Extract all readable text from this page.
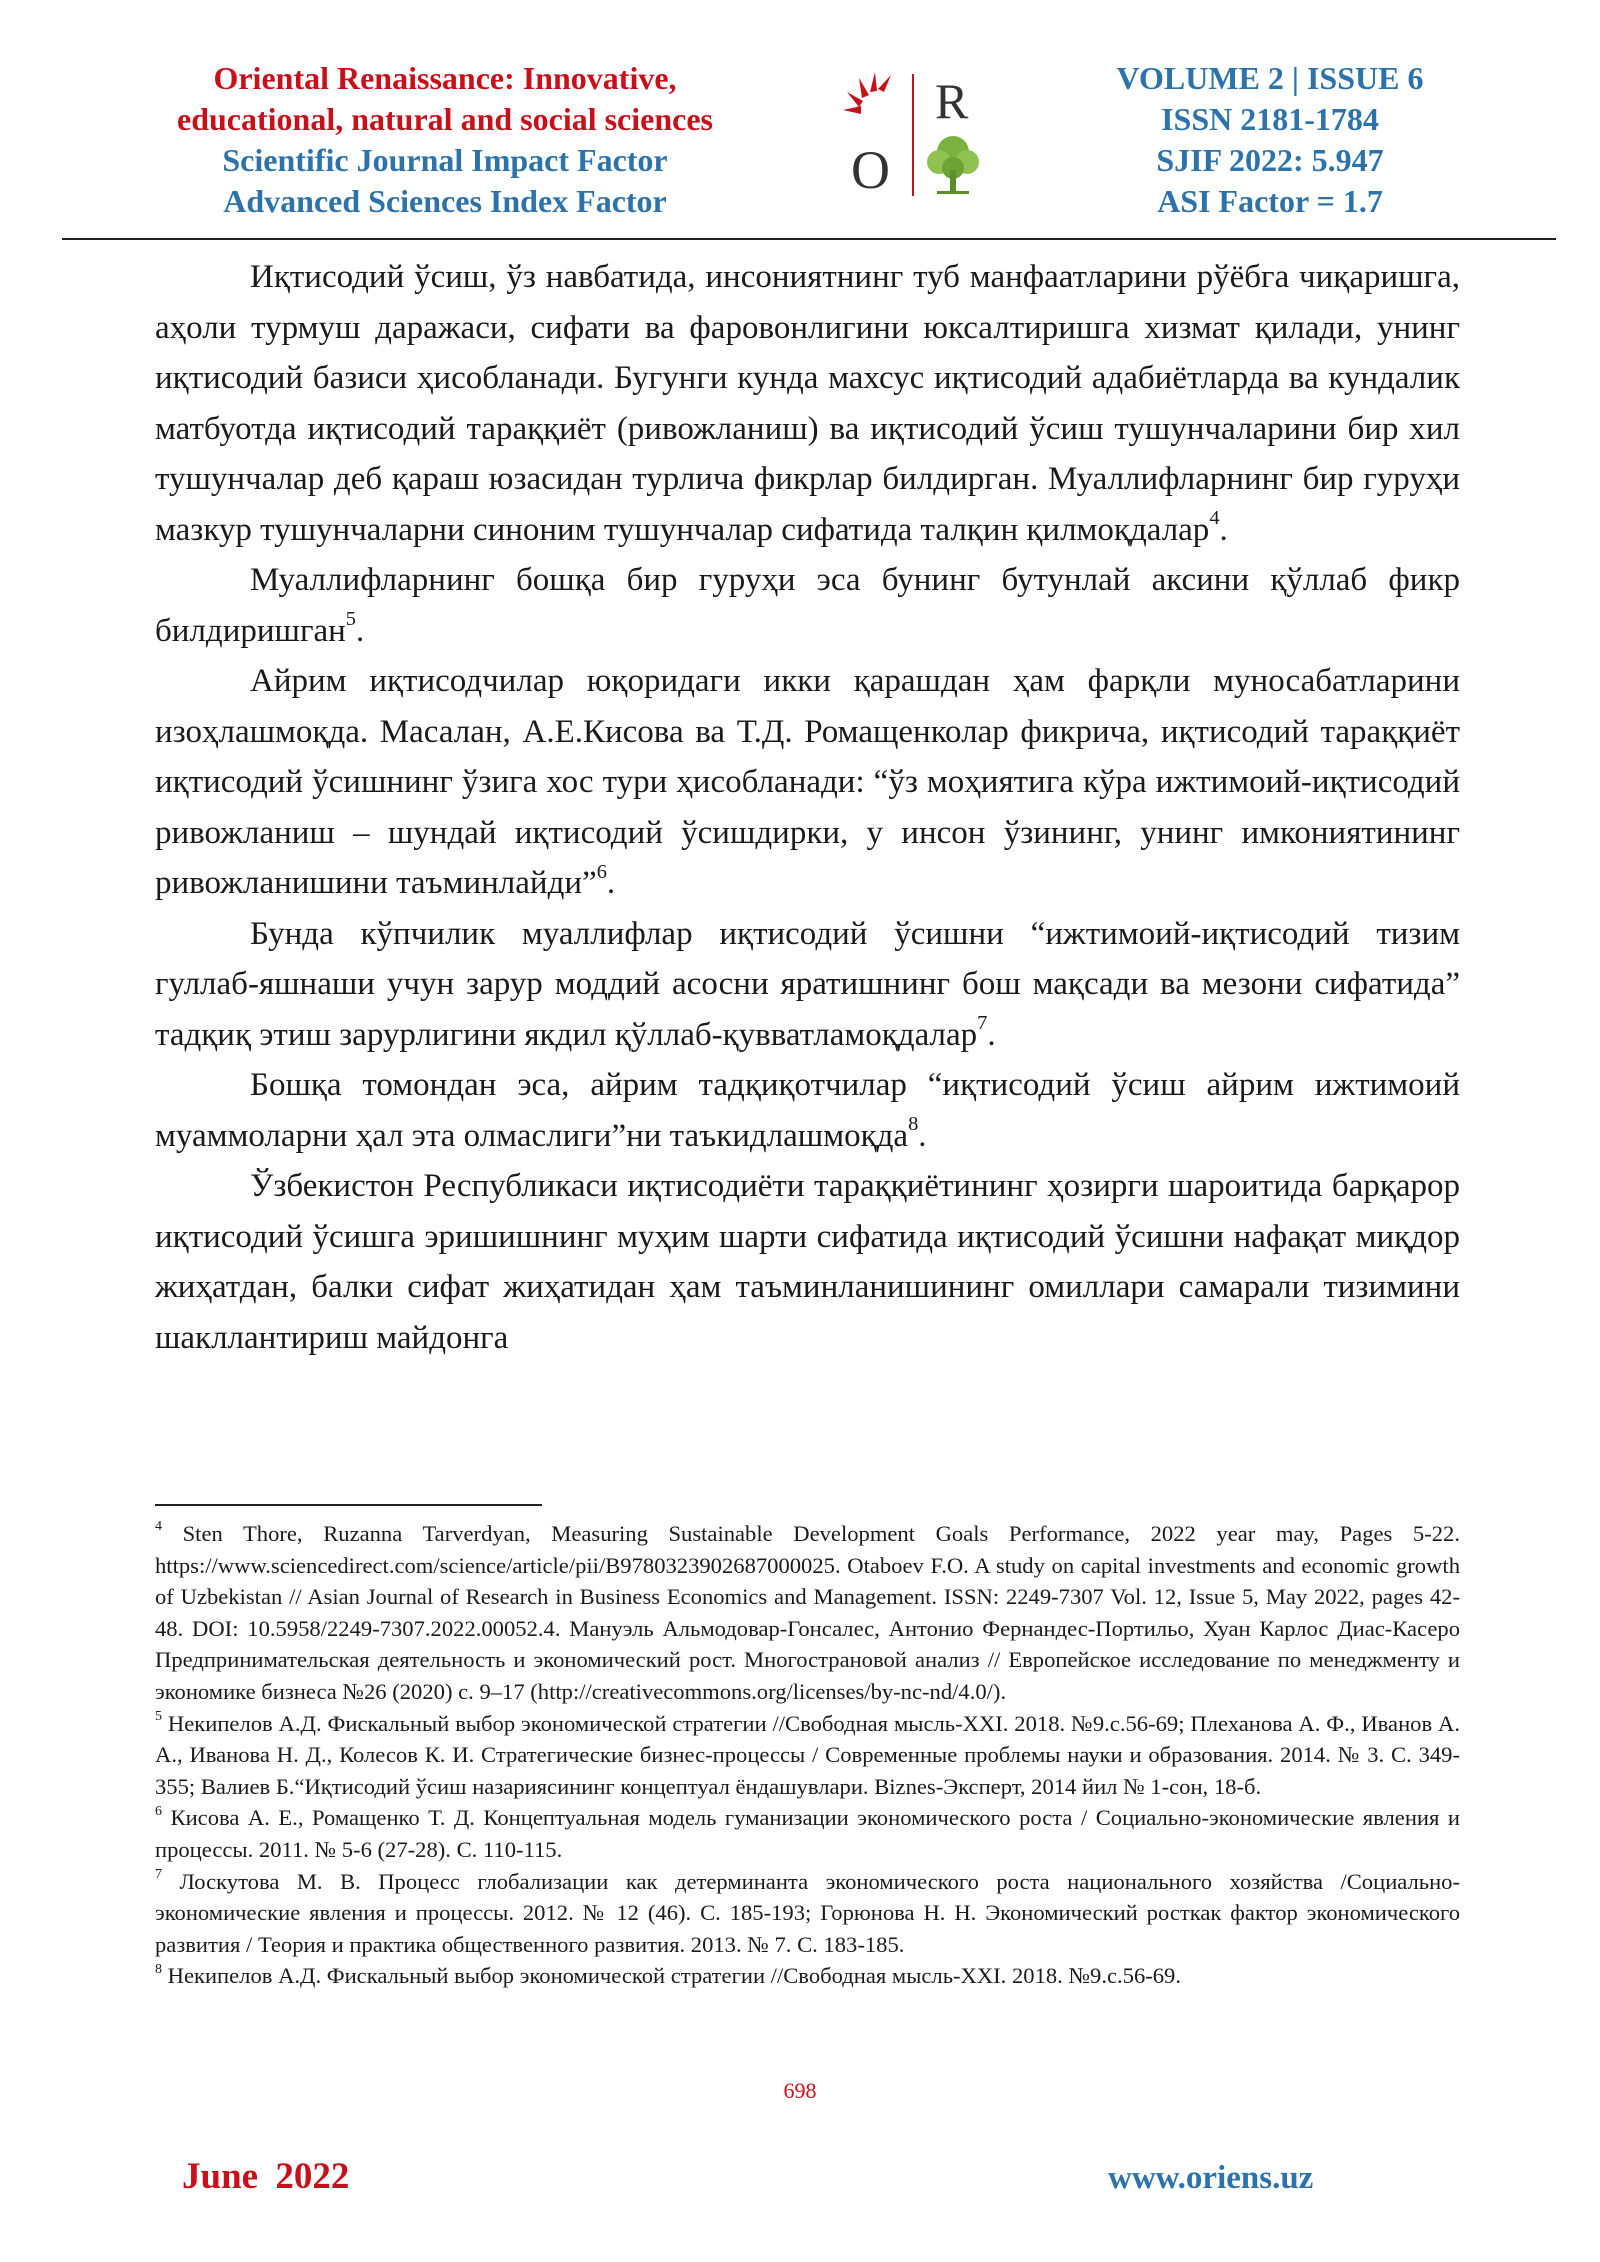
Oriental Renaissance: Innovative,
educational, natural and social sciences
Scientific Journal Impact Factor
Advanced Sciences Index Factor
R
O
VOLUME 2 | ISSUE 6
ISSN 2181-1784
SJIF 2022: 5.947
ASI Factor = 1.7

Иқтисодий ўсиш, ўз навбатида, инсониятнинг туб манфаатларини рўёбга чиқаришга, аҳоли турмуш даражаси, сифати ва фаровонлигини юксалтиришга хизмат қилади, унинг иқтисодий базиси ҳисобланади. Бугунги кунда махсус иқтисодий адабиётларда ва кундалик матбуотда иқтисодий тараққиёт (ривожланиш) ва иқтисодий ўсиш тушунчаларини бир хил тушунчалар деб қараш юзасидан турлича фикрлар билдирган. Муаллифларнинг бир гуруҳи мазкур тушунчаларни синоним тушунчалар сифатида талқин қилмоқдалар$^4$.

Муаллифларнинг бошқа бир гуруҳи эса бунинг бутунлай аксини қўллаб фикр билдиришган$^5$.

Айрим иқтисодчилар юқоридаги икки қарашдан ҳам фарқли муносабатларини изоҳлашмоқда. Масалан, А.Е.Кисова ва Т.Д. Ромащенколар фикрича, иқтисодий тараққиёт иқтисодий ўсишнинг ўзига хос тури ҳисобланади: “ўз моҳиятига кўра ижтимоий-иқтисодий ривожланиш – шундай иқтисодий ўсишдирки, у инсон ўзининг, унинг имкониятининг ривожланишини таъминлайди”$^6$.

Бунда кўпчилик муаллифлар иқтисодий ўсишни “ижтимоий-иқтисодий тизим гуллаб-яшнаши учун зарур моддий асосни яратишнинг бош мақсади ва мезони сифатида” тадқиқ этиш зарурлигини якдил қўллаб-қувватламоқдалар$^7$.

Бошқа томондан эса, айрим тадқиқотчилар “иқтисодий ўсиш айрим ижтимоий муаммоларни ҳал эта олмаслиги”ни таъкидлашмоқда$^8$.

Ўзбекистон Республикаси иқтисодиёти тараққиётининг ҳозирги шароитида барқарор иқтисодий ўсишга эришишнинг муҳим шарти сифатида иқтисодий ўсишни нафақат миқдор жиҳатдан, балки сифат жиҳатидан ҳам таъминланишининг омиллари самарали тизимини шакллантириш майдонга

$^4$ Sten Thore, Ruzanna Tarverdyan, Measuring Sustainable Development Goals Performance, 2022 year may, Pages 5-22. https://www.sciencedirect.com/science/article/pii/B9780323902687000025. Otaboev F.O. A study on capital investments and economic growth of Uzbekistan // Asian Journal of Research in Business Economics and Management. ISSN: 2249-7307 Vol. 12, Issue 5, May 2022, pages 42-48. DOI: 10.5958/2249-7307.2022.00052.4. Мануэль Альмодовар-Гонсалес, Антонио Фернандес-Портильо, Хуан Карлос Диас-Касеро Предпринимательская деятельность и экономический рост. Многострановой анализ // Европейское исследование по менеджменту и экономике бизнеса №26 (2020) с. 9–17 (http://creativecommons.org/licenses/by-nc-nd/4.0/).

$^5$ Некипелов А.Д. Фискальный выбор экономической стратегии //Свободная мысль-XXI. 2018. №9.с.56-69; Плеханова А. Ф., Иванов А. А., Иванова Н. Д., Колесов К. И. Стратегические бизнес-процессы / Современные проблемы науки и образования. 2014. № 3. С. 349-355; Валиев Б.“Иқтисодий ўсиш назариясининг концептуал ёндашувлари. Biznes-Эксперт, 2014 йил № 1-сон, 18-б.

$^6$ Кисова А. Е., Ромащенко Т. Д. Концептуальная модель гуманизации экономического роста / Социально-экономические явления и процессы. 2011. № 5-6 (27-28). С. 110-115.

$^7$ Лоскутова М. В. Процесс глобализации как детерминанта экономического роста национального хозяйства /Социально-экономические явления и процессы. 2012. № 12 (46). С. 185-193; Горюнова Н. Н. Экономический росткак фактор экономического развития / Теория и практика общественного развития. 2013. № 7. С. 183-185.

$^8$ Некипелов А.Д. Фискальный выбор экономической стратегии //Свободная мысль-XXI. 2018. №9.с.56-69.

698
June 2022	www.oriens.uz
